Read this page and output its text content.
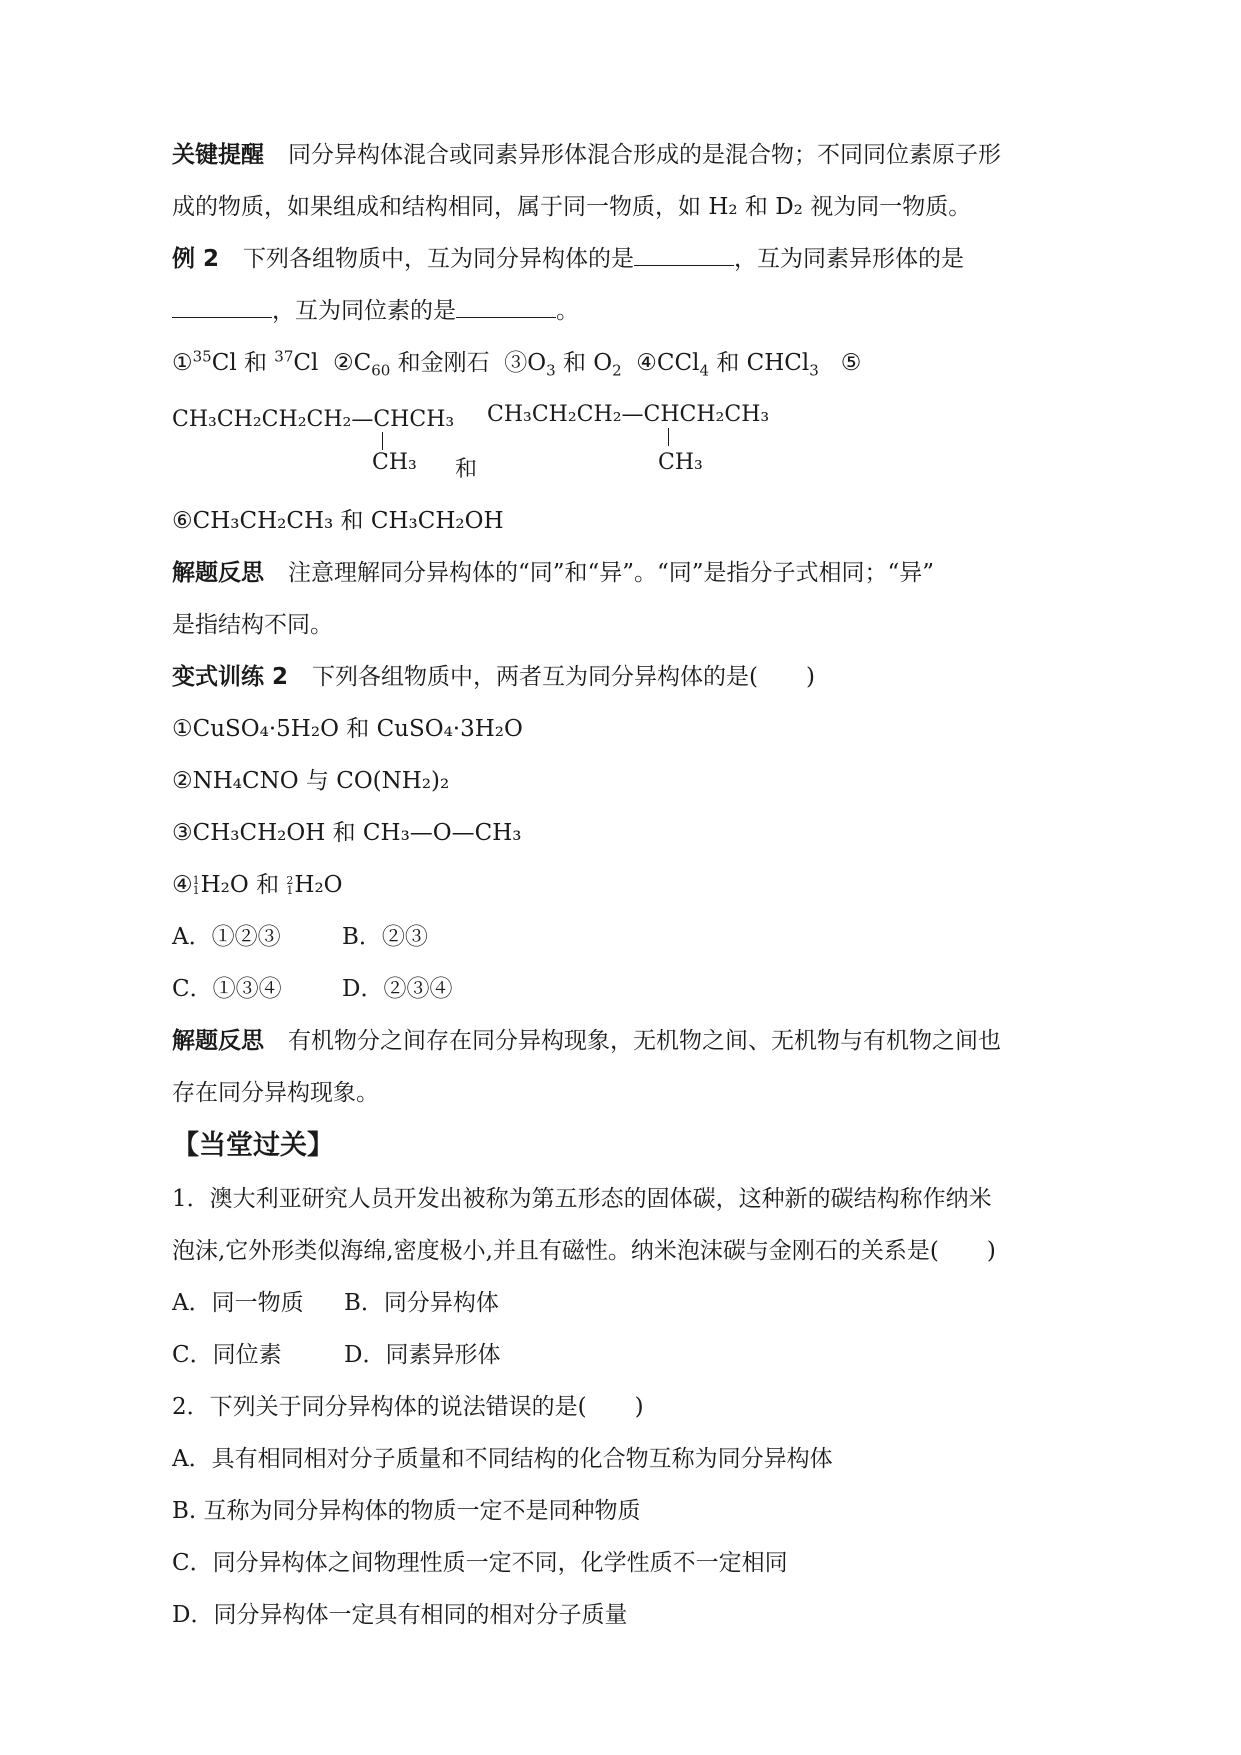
关键提醒 同分异构体混合或同素异形体混合形成的是混合物；不同同位素原子形
成的物质，如果组成和结构相同，属于同一物质，如 H₂ 和 D₂ 视为同一物质。
例 2 下列各组物质中，互为同分异构体的是	，互为同素异形体的是
，互为同位素的是	。
①$^{35}$Cl 和 $^{37}$Cl $②C_{60}$ 和金刚石 $③O_3$ 和 $O_2$ ④CCl$_4$ 和 CHCl$_3$ ⑤
CH₃CH₂CH₂CH₂—CHCH₃
CH₃ 和
CH₃CH₂CH₂—CHCH₂CH₃
CH₃
⑥CH₃CH₂CH₃ 和 CH₃CH₂OH
解题反思 注意理解同分异构体的“同”和“异”。“同”是指分子式相同；“异”
是指结构不同。
变式训练 2 下列各组物质中，两者互为同分异构体的是( )
①CuSO₄·5H₂O 和 CuSO₄·3H₂O
②NH₄CNO 与 CO(NH₂)₂
③CH₃CH₂OH 和 CH₃—O—CH₃
④1
1H₂O 和 2
1H₂O
A．①②③	B．②③
C．①③④	D．②③④
解题反思 有机物分之间存在同分异构现象，无机物之间、无机物与有机物之间也
存在同分异构现象。
【当堂过关】
1．澳大利亚研究人员开发出被称为第五形态的固体碳，这种新的碳结构称作纳米
泡沫,它外形类似海绵,密度极小,并且有磁性。纳米泡沫碳与金刚石的关系是( )
A．同一物质 B．同分异构体
C．同位素	D．同素异形体
2．下列关于同分异构体的说法错误的是( )
A．具有相同相对分子质量和不同结构的化合物互称为同分异构体
B. 互称为同分异构体的物质一定不是同种物质
C．同分异构体之间物理性质一定不同，化学性质不一定相同
D．同分异构体一定具有相同的相对分子质量
